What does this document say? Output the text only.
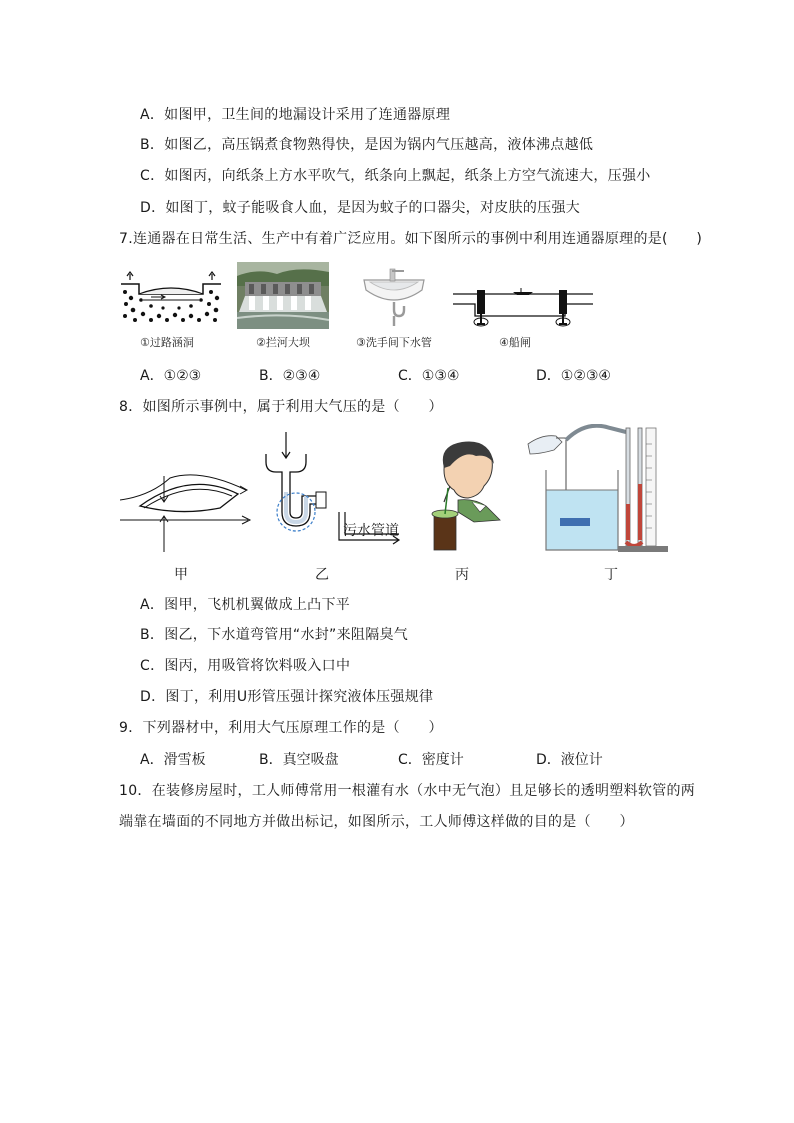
A．如图甲，卫生间的地漏设计采用了连通器原理
B．如图乙，高压锅煮食物熟得快，是因为锅内气压越高，液体沸点越低
C．如图丙，向纸条上方水平吹气，纸条向上飘起，纸条上方空气流速大，压强小
D．如图丁，蚊子能吸食人血，是因为蚊子的口器尖，对皮肤的压强大
7.连通器在日常生活、生产中有着广泛应用。如下图所示的事例中利用连通器原理的是(　　)
①过路涵洞	②拦河大坝	③洗手间下水管	④船闸
A．①②③	B．②③④	C．①③④	D．①②③④
8．如图所示事例中，属于利用大气压的是（　　）
污水管道
甲	乙	丙	丁
A．图甲，飞机机翼做成上凸下平
B．图乙，下水道弯管用“水封”来阻隔臭气
C．图丙，用吸管将饮料吸入口中
D．图丁，利用U形管压强计探究液体压强规律
9．下列器材中，利用大气压原理工作的是（　　）
A．滑雪板	B．真空吸盘	C．密度计	D．液位计
10．在装修房屋时，工人师傅常用一根灌有水（水中无气泡）且足够长的透明塑料软管的两
端靠在墙面的不同地方并做出标记，如图所示，工人师傅这样做的目的是（　　）
